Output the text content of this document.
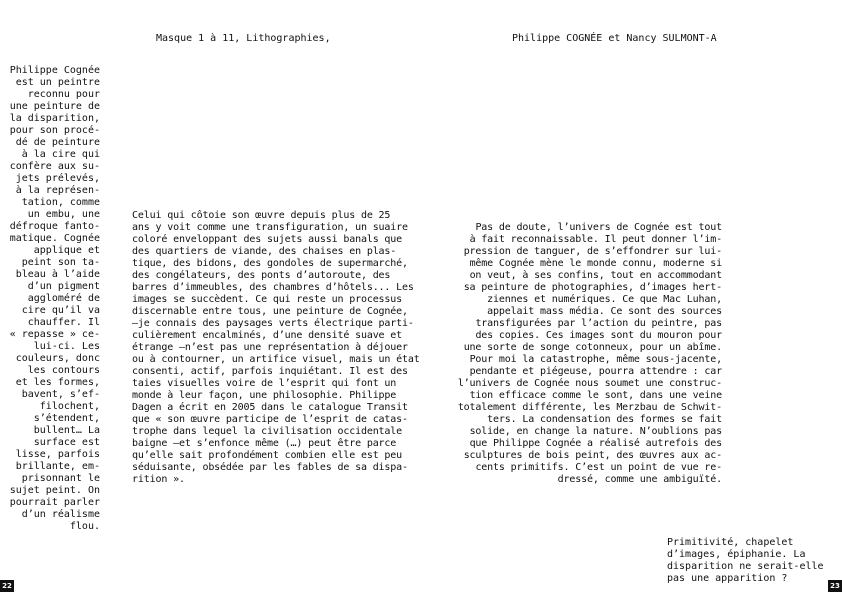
Masque 1 à 11, Lithographies,	Philippe COGNÉE et Nancy SULMONT-A
Philippe Cognée
est un peintre
reconnu pour
une peinture de
la disparition,
pour son procé-
dé de peinture
à la cire qui
confère aux su-
jets prélevés,
à la représen-
tation, comme
un embu, une
défroque fanto-
matique. Cognée
applique et
peint son ta-
bleau à l’aide
d’un pigment
aggloméré de
cire qu’il va
chauffer. Il
« repasse » ce-
lui-ci. Les
couleurs, donc
les contours
et les formes,
bavent, s’ef-
filochent,
s’étendent,
bullent… La
surface est
lisse, parfois
brillante, em-
prisonnant le
sujet peint. On
pourrait parler
d’un réalisme
flou.
Celui qui côtoie son œuvre depuis plus de 25
ans y voit comme une transfiguration, un suaire
coloré enveloppant des sujets aussi banals que
des quartiers de viande, des chaises en plas-
tique, des bidons, des gondoles de supermarché,
des congélateurs, des ponts d’autoroute, des
barres d’immeubles, des chambres d’hôtels... Les
images se succèdent. Ce qui reste un processus
discernable entre tous, une peinture de Cognée,
–je connais des paysages verts électrique parti-
culièrement encalminés, d’une densité suave et
étrange –n’est pas une représentation à déjouer
ou à contourner, un artifice visuel, mais un état
consenti, actif, parfois inquiétant. Il est des
taies visuelles voire de l’esprit qui font un
monde à leur façon, une philosophie. Philippe
Dagen a écrit en 2005 dans le catalogue Transit
que « son œuvre participe de l’esprit de catas-
trophe dans lequel la civilisation occidentale
baigne –et s’enfonce même (…) peut être parce
qu’elle sait profondément combien elle est peu
séduisante, obsédée par les fables de sa dispa-
rition ».
Pas de doute, l’univers de Cognée est tout
à fait reconnaissable. Il peut donner l’im-
pression de tanguer, de s’effondrer sur lui-
même Cognée mène le monde connu, moderne si
on veut, à ses confins, tout en accommodant
sa peinture de photographies, d’images hert-
ziennes et numériques. Ce que Mac Luhan,
appelait mass média. Ce sont des sources
transfigurées par l’action du peintre, pas
des copies. Ces images sont du mouron pour
une sorte de songe cotonneux, pour un abîme.
Pour moi la catastrophe, même sous-jacente,
pendante et piégeuse, pourra attendre : car
l’univers de Cognée nous soumet une construc-
tion efficace comme le sont, dans une veine
totalement différente, les Merzbau de Schwit-
ters. La condensation des formes se fait
solide, en change la nature. N’oublions pas
que Philippe Cognée a réalisé autrefois des
sculptures de bois peint, des œuvres aux ac-
cents primitifs. C’est un point de vue re-
dressé, comme une ambiguïté.
Primitivité, chapelet
d’images, épiphanie. La
disparition ne serait-elle
pas une apparition ?
22	23
